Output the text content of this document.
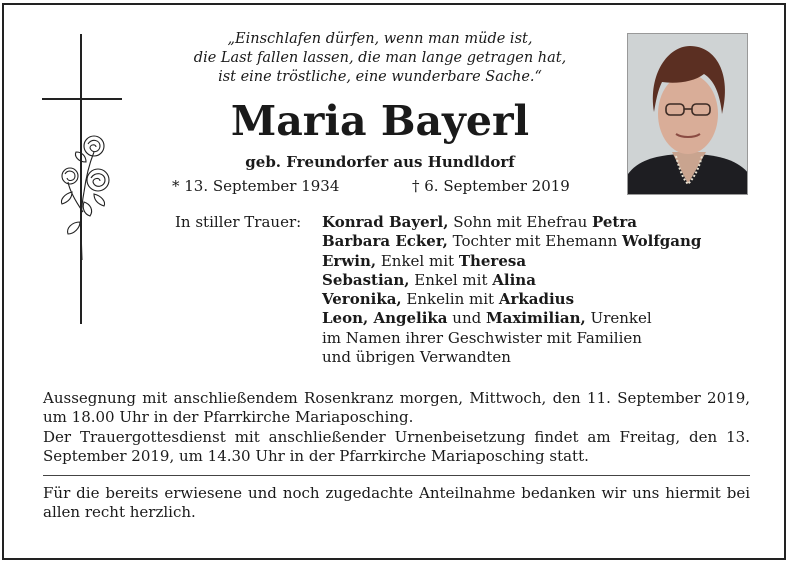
„Einschlafen dürfen, wenn man müde ist,
die Last fallen lassen, die man lange getragen hat,
ist eine tröstliche, eine wunderbare Sache.“
Maria Bayerl
geb. Freundorfer aus Hundldorf
* 13. September 1934	† 6. September 2019
In stiller Trauer: Konrad Bayerl, Sohn mit Ehefrau Petra
Barbara Ecker, Tochter mit Ehemann Wolfgang
Erwin, Enkel mit Theresa
Sebastian, Enkel mit Alina
Veronika, Enkelin mit Arkadius
Leon, Angelika und Maximilian, Urenkel
im Namen ihrer Geschwister mit Familien
und übrigen Verwandten

Aussegnung mit anschließendem Rosenkranz morgen, Mittwoch, den 11. September 2019, um 18.00 Uhr in der Pfarrkirche Mariaposching.

Der Trauergottesdienst mit anschließender Urnenbeisetzung findet am Freitag, den 13. September 2019, um 14.30 Uhr in der Pfarrkirche Mariaposching statt.

Für die bereits erwiesene und noch zugedachte Anteilnahme bedanken wir uns hiermit bei allen recht herzlich.
